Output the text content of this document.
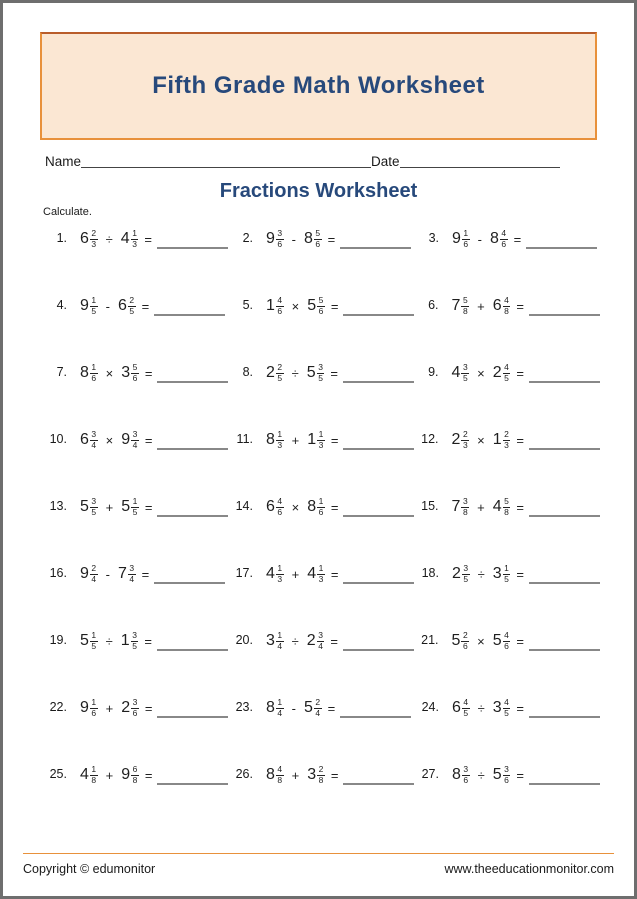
Fifth Grade Math Worksheet
Name	Date
Fractions Worksheet
Calculate.
1. $6 \frac{2}{3} \div 4 \frac{1}{3}$ =	2. $9 \frac{3}{6} - 8 \frac{5}{6}$ =	3. $9 \frac{1}{6} - 8 \frac{4}{6}$ =
4. $9 \frac{1}{5} - 6 \frac{2}{5}$ =	5. $1 \frac{4}{6} \times 5 \frac{5}{6}$ =	6. $7 \frac{5}{8} + 6 \frac{4}{8}$ =
7. $8 \frac{1}{6} \times 3 \frac{5}{6}$ =	8. $2 \frac{2}{5} \div 5 \frac{3}{5}$ =	9. $4 \frac{3}{5} \times 2 \frac{4}{5}$ =
10. $6 \frac{3}{4} \times 9 \frac{3}{4}$ =	11. $8 \frac{1}{3} + 1 \frac{1}{3}$ =	12. $2 \frac{2}{3} \times 1 \frac{2}{3}$ =
13. $5 \frac{3}{5} + 5 \frac{1}{5}$ =	14. $6 \frac{4}{6} \times 8 \frac{1}{6}$ =	15. $7 \frac{3}{8} + 4 \frac{5}{8}$ =
16. $9 \frac{2}{4} - 7 \frac{3}{4}$ =	17. $4 \frac{1}{3} + 4 \frac{1}{3}$ =	18. $2 \frac{3}{5} \div 3 \frac{1}{5}$ =
19. $5 \frac{1}{5} \div 1 \frac{3}{5}$ =	20. $3 \frac{1}{4} \div 2 \frac{3}{4}$ =	21. $5 \frac{2}{6} \times 5 \frac{4}{6}$ =
22. $9 \frac{1}{6} + 2 \frac{3}{6}$ =	23. $8 \frac{1}{4} - 5 \frac{2}{4}$ =	24. $6 \frac{4}{5} \div 3 \frac{4}{5}$ =
25. $4 \frac{1}{8} + 9 \frac{6}{8}$ =	26. $8 \frac{4}{8} + 3 \frac{2}{8}$ =	27. $8 \frac{3}{6} \div 5 \frac{3}{6}$ =
Copyright © edumonitor	www.theeducationmonitor.com
